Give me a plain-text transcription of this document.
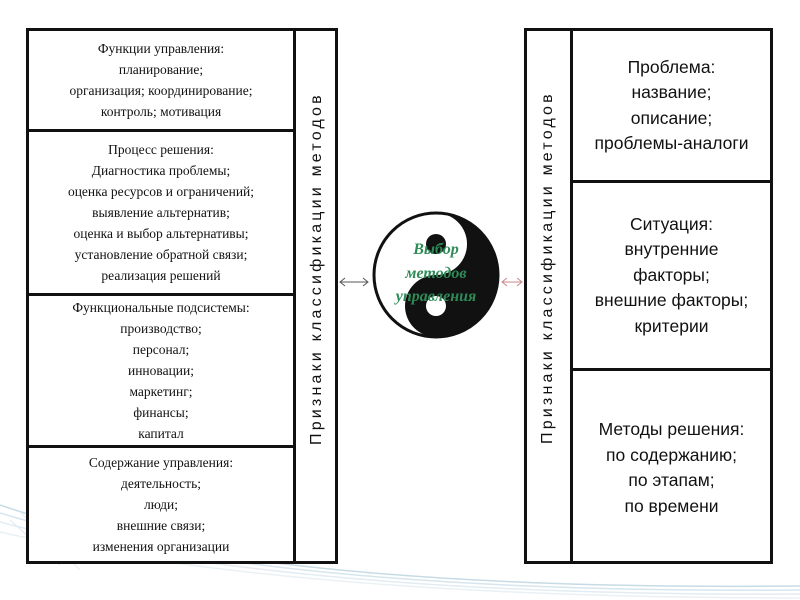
Функции управления:
планирование;
организация; координирование;
контроль; мотивация
Процесс решения:
Диагностика проблемы;
оценка ресурсов и ограничений;
выявление альтернатив;
оценка и выбор альтернативы;
установление обратной связи;
реализация решений
Функциональные подсистемы:
производство;
персонал;
инновации;
маркетинг;
финансы;
капитал
Содержание управления:
деятельность;
люди;
внешние связи;
изменения организации
Признаки классификации методов
Проблема:
название;
описание;
проблемы-аналоги
Ситуация:
внутренние
факторы;
внешние факторы;
критерии
Методы решения:
по содержанию;
по этапам;
по времени
Признаки классификации методов
Выбор
методов
управления
